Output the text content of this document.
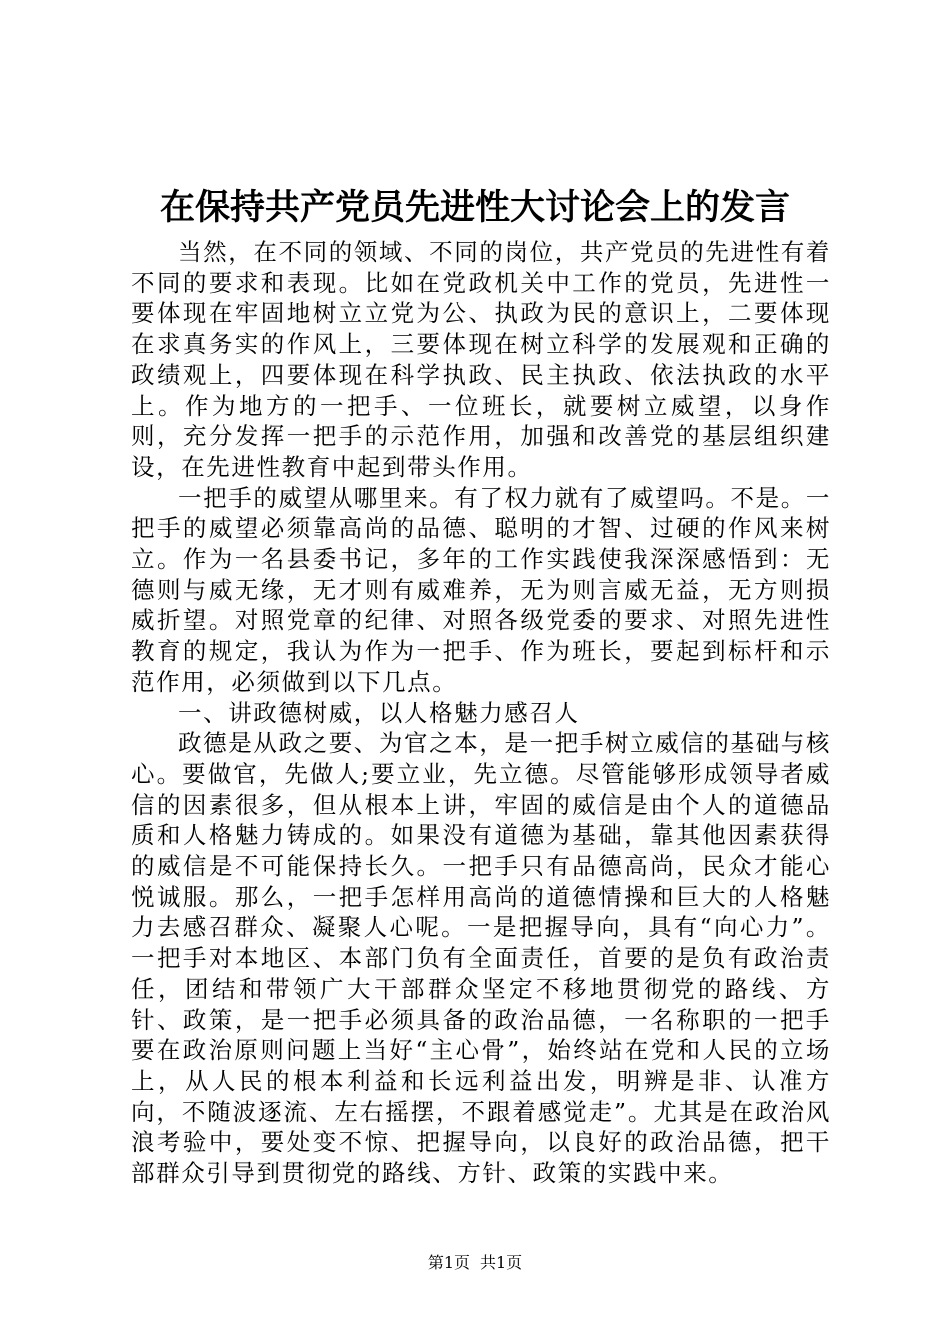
在保持共产党员先进性大讨论会上的发言

当然，在不同的领域、不同的岗位，共产党员的先进性有着不同的要求和表现。比如在党政机关中工作的党员，先进性一要体现在牢固地树立立党为公、执政为民的意识上，二要体现在求真务实的作风上，三要体现在树立科学的发展观和正确的政绩观上，四要体现在科学执政、民主执政、依法执政的水平上。作为地方的一把手、一位班长，就要树立威望，以身作则，充分发挥一把手的示范作用，加强和改善党的基层组织建设，在先进性教育中起到带头作用。

一把手的威望从哪里来。有了权力就有了威望吗。不是。一把手的威望必须靠高尚的品德、聪明的才智、过硬的作风来树立。作为一名县委书记，多年的工作实践使我深深感悟到：无德则与威无缘，无才则有威难养，无为则言威无益，无方则损威折望。对照党章的纪律、对照各级党委的要求、对照先进性教育的规定，我认为作为一把手、作为班长，要起到标杆和示范作用，必须做到以下几点。

一、讲政德树威，以人格魅力感召人

政德是从政之要、为官之本，是一把手树立威信的基础与核心。要做官，先做人;要立业，先立德。尽管能够形成领导者威信的因素很多，但从根本上讲，牢固的威信是由个人的道德品质和人格魅力铸成的。如果没有道德为基础，靠其他因素获得的威信是不可能保持长久。一把手只有品德高尚，民众才能心悦诚服。那么，一把手怎样用高尚的道德情操和巨大的人格魅力去感召群众、凝聚人心呢。一是把握导向，具有“向心力”。一把手对本地区、本部门负有全面责任，首要的是负有政治责任，团结和带领广大干部群众坚定不移地贯彻党的路线、方针、政策，是一把手必须具备的政治品德，一名称职的一把手要在政治原则问题上当好“主心骨”，始终站在党和人民的立场上，从人民的根本利益和长远利益出发，明辨是非、认准方向，不随波逐流、左右摇摆，不跟着感觉走”。尤其是在政治风浪考验中，要处变不惊、把握导向，以良好的政治品德，把干部群众引导到贯彻党的路线、方针、政策的实践中来。

第1页 共1页
